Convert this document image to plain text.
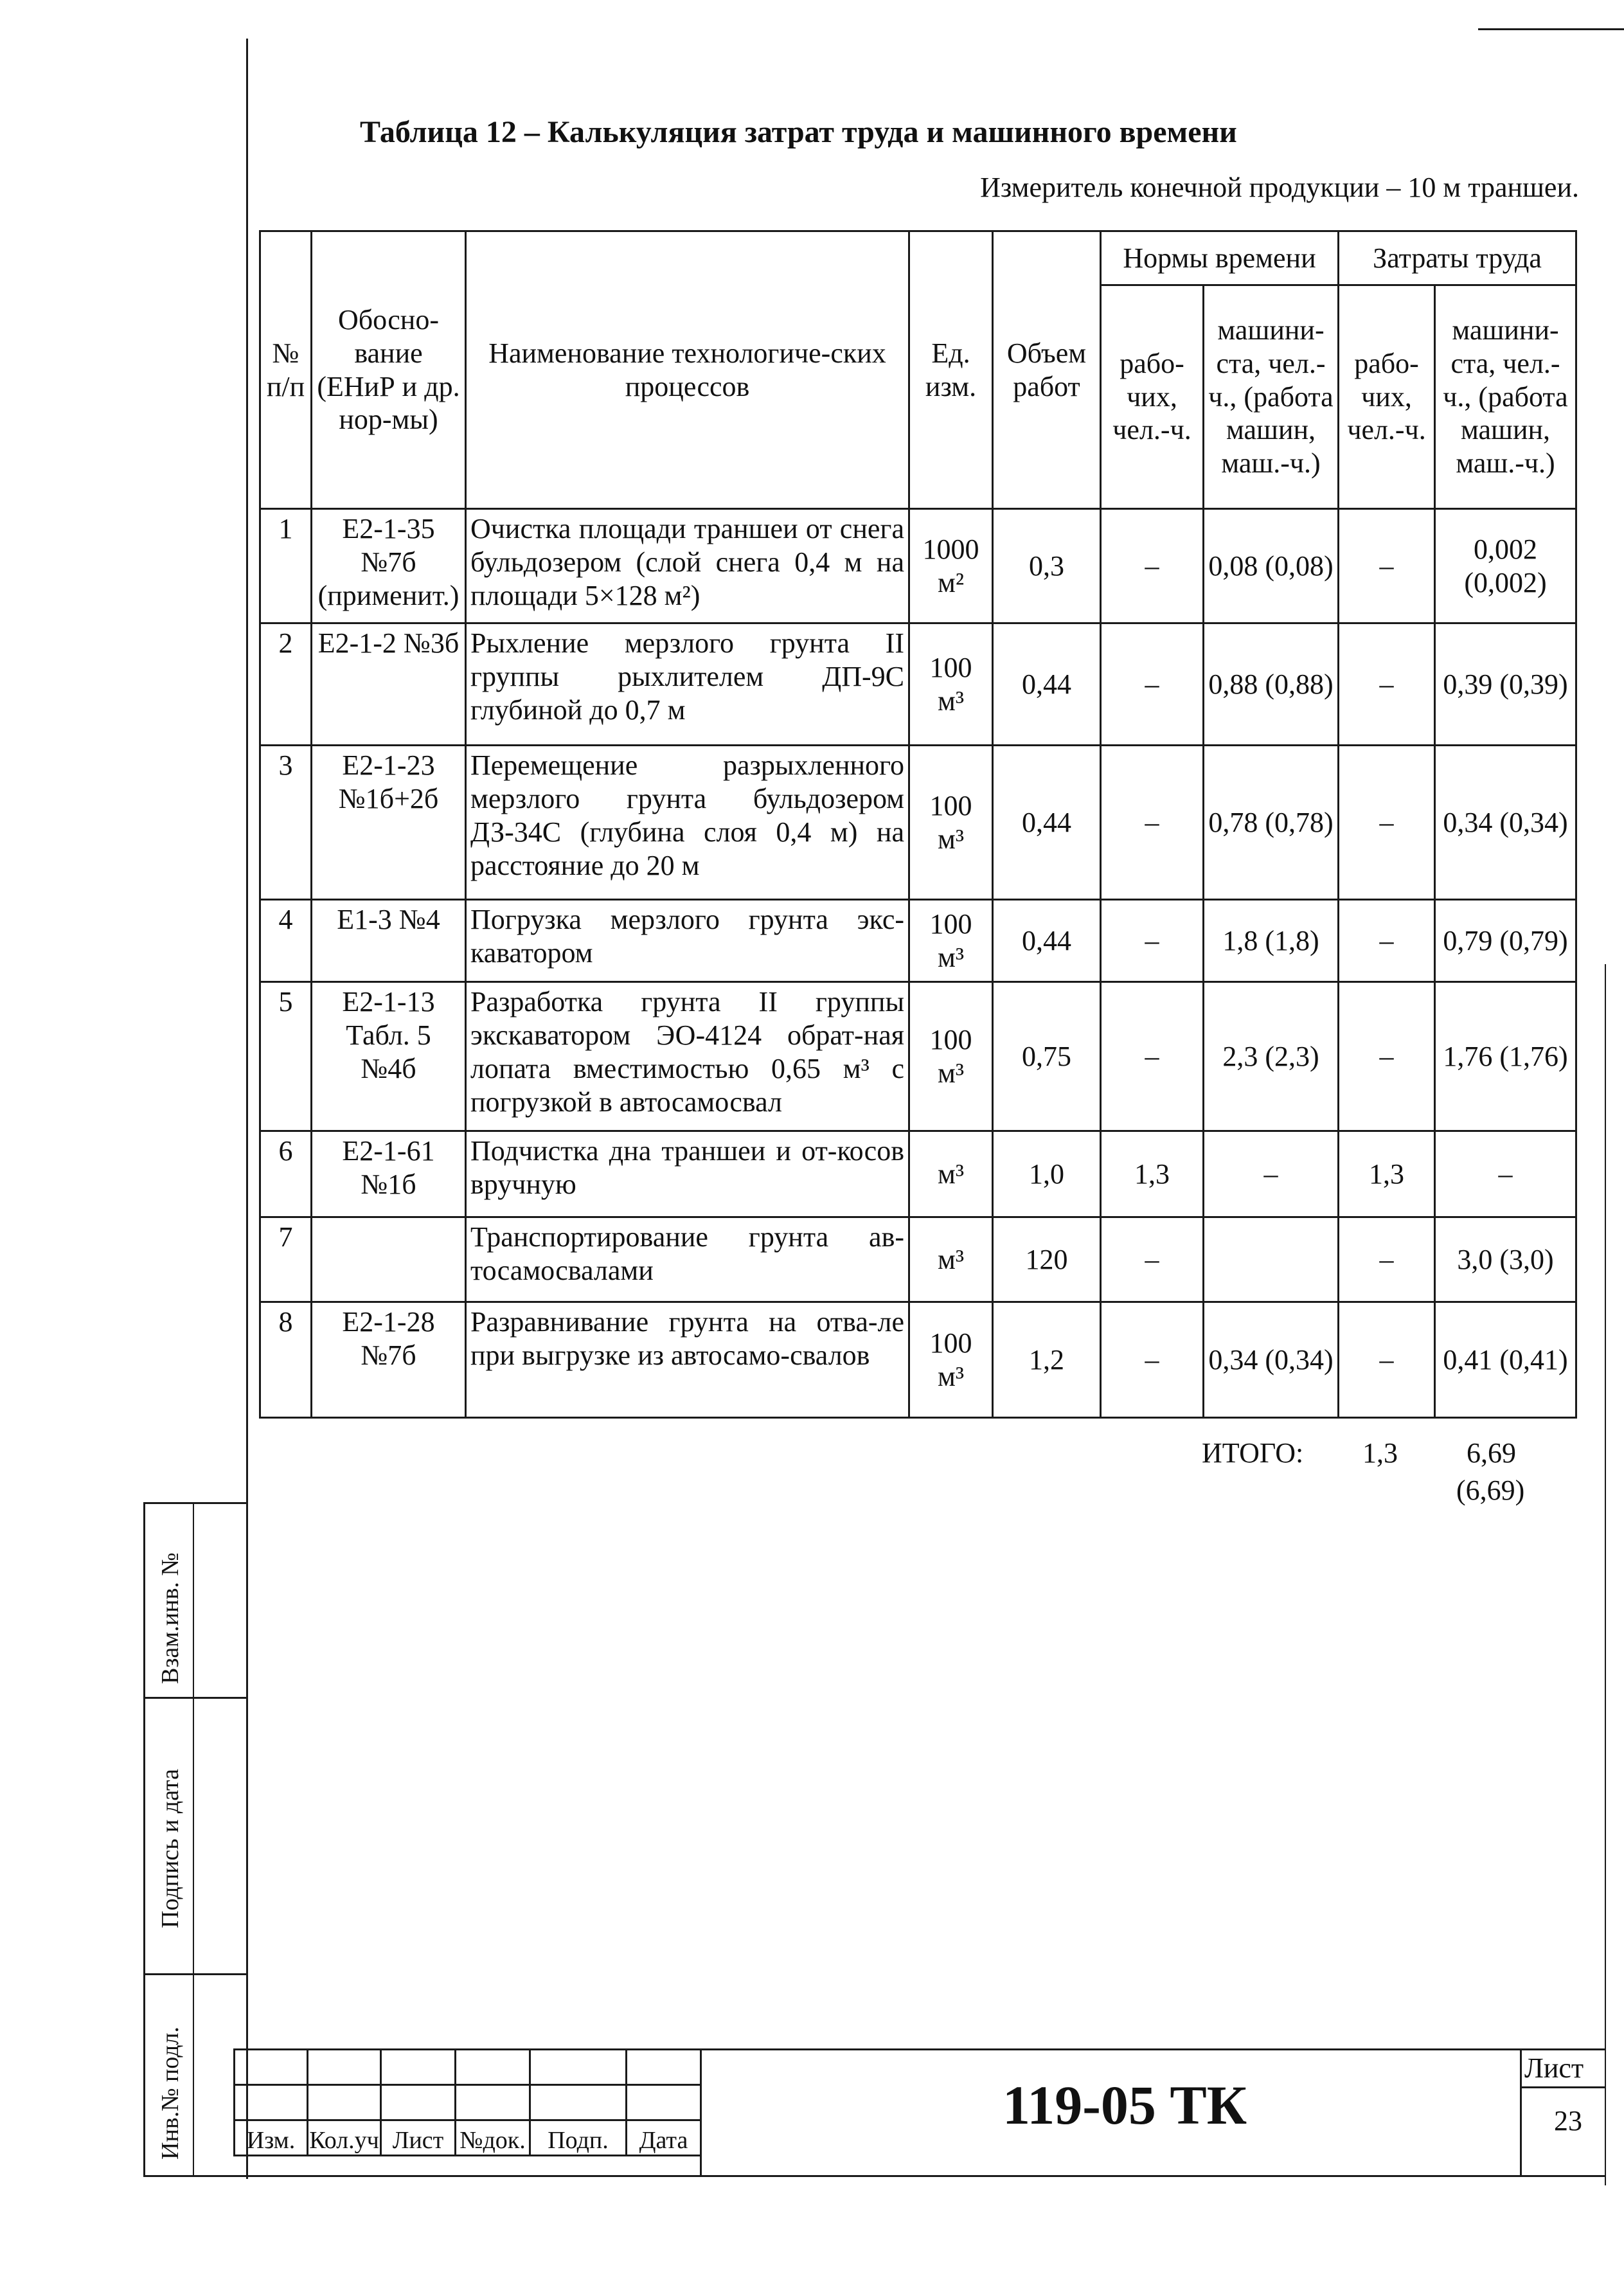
Таблица 12 – Калькуляция затрат труда и машинного времени
Измеритель конечной продукции – 10 м траншеи.
№ п/п	Обосно-вание (ЕНиР и др. нор-мы)	Наименование технологиче-ских процессов	Ед. изм.	Объем работ	Нормы времени		Затраты труда	
					рабо-чих, чел.-ч.	машини-ста, чел.-ч., (работа машин, маш.-ч.)	рабо-чих, чел.-ч.	машини-ста, чел.-ч., (работа машин, маш.-ч.)
1	Е2-1-35 №7б (применит.)	Очистка площади траншеи от снега бульдозером (слой снега 0,4 м на площади 5×128 м²)	1000 м²	0,3	–	0,08 (0,08)	–	0,002 (0,002)
2	Е2-1-2 №3б	Рыхление мерзлого грунта II группы рыхлителем ДП-9С глубиной до 0,7 м	100 м³	0,44	–	0,88 (0,88)	–	0,39 (0,39)
3	Е2-1-23 №1б+2б	Перемещение разрыхленного мерзлого грунта бульдозером ДЗ-34С (глубина слоя 0,4 м) на расстояние до 20 м	100 м³	0,44	–	0,78 (0,78)	–	0,34 (0,34)
4	Е1-3 №4	Погрузка мерзлого грунта экс-каватором	100 м³	0,44	–	1,8 (1,8)	–	0,79 (0,79)
5	Е2-1-13 Табл. 5 №4б	Разработка грунта II группы экскаватором ЭО-4124 обрат-ная лопата вместимостью 0,65 м³ с погрузкой в автосамосвал	100 м³	0,75	–	2,3 (2,3)	–	1,76 (1,76)
6	Е2-1-61 №1б	Подчистка дна траншеи и от-косов вручную	м³	1,0	1,3	–	1,3	–
7		Транспортирование грунта ав-тосамосвалами	м³	120	–		–	3,0 (3,0)
8	Е2-1-28 №7б	Разравнивание грунта на отва-ле при выгрузке из автосамо-свалов	100 м³	1,2	–	0,34 (0,34)	–	0,41 (0,41)
ИТОГО: 1,3 6,69
(6,69)
Взам.инв. №
Подпись и дата
Инв.№ подл.

						Изм.	Кол.уч	Лист	№док.	Подп.	Дата
119-05 ТК
Лист
23
